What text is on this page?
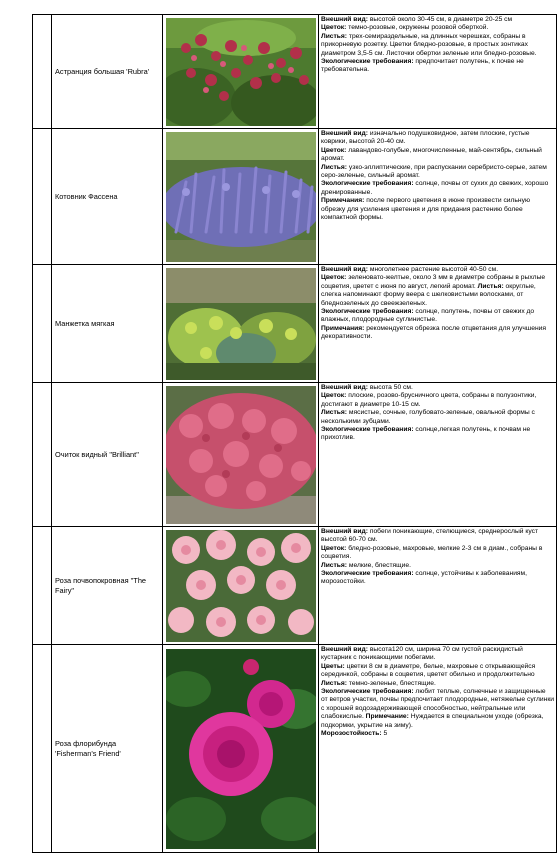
	Астранция большая 'Rubra'		Внешний вид: высотой около 30-45 см, в диаметре 20-25 см

Цветок: темно-розовые, окружены розовой оберткой.

Листья: трех-семираздельные, на длинных черешках, собраны в прикорневую розетку. Цветки бледно-розовые, в простых зонтиках диаметром 3,5-5 см. Листочки обертки зеленые или бледно-розовые.

Экологические требования: предпочитает полутень, к почве не требовательна.

	Котовник Фассена		Внешний вид: изначально подушковидное, затем плоские, густые коврики, высотой 20-40 см.

Цветок: лавандово-голубые, многочисленные, май-сентябрь, сильный аромат.

Листья: узко-эллиптические, при распускании серебристо-серые, затем серо-зеленые, сильный аромат.

Экологические требования: солнце, почвы от сухих до свежих, хорошо дренированные.

Примечания: после первого цветения в июне произвести сильную обрезку для усиления цветения и для придания растению более компактной формы.

	Манжетка мягкая		Внешний вид: многолетнее растение высотой 40-50 см.

Цветок: зеленовато-желтые, около 3 мм в диаметре собраны в рыхлые соцветия, цветет с июня по август, легкий аромат. Листья: округлые, слегка напоминают форму веера с шелковистыми волосками, от бледнозеленых до свеежзеленых.

Экологические требования: солнце, полутень, почвы от свежих до влажных, плодородные суглинистые.

Примечания: рекомендуется обрезка после отцветания для улучшения декоративности.

	Очиток видный "Brilliant"		Внешний вид: высота 50 см.

Цветок: плоские, розово-брусничного цвета, собраны в полузонтики, достигают в диаметре 10-15 см.

Листья: мясистые, сочные, голубовато-зеленые, овальной формы с несколькими зубцами.

Экологические требования: солнце,легкая полутень, к почвам не прихотлив.

	Роза почвопокровная "The Fairy"		Внешний вид: побеги поникающие, стелющиеся, среднерослый куст высотой 60-70 см.

Цветок: бледно-розовые, махровые, мелкие 2-3 см в диам., собраны в соцветия.

Листья: мелкие, блестящие.

Экологические требования: солнце, устойчивы к заболеваниям, морозостойки.

	Роза флорибунда 'Fisherman's Friend'		Внешний вид: высота120 см, ширина 70 см густой раскидистый кустарник с поникающими побегами.

Цветы: цветки 8 см в диаметре, белые, махровые с открывающейся серединкой, собраны в соцветия, цветет обильно и продолжительно

Листья: темно-зеленые, блестящие.

Экологические требования: любит теплые, солнечные и защищенные от ветров участки, почвы предпочитает плодородные, нетяжелые суглинки с хорошей водозадерживающей способностью, нейтральные или слабокислые. Примечание: Нуждается в специальном уходе (обрезка, подкормки, укрытие на зиму).

Морозостойкость: 5
